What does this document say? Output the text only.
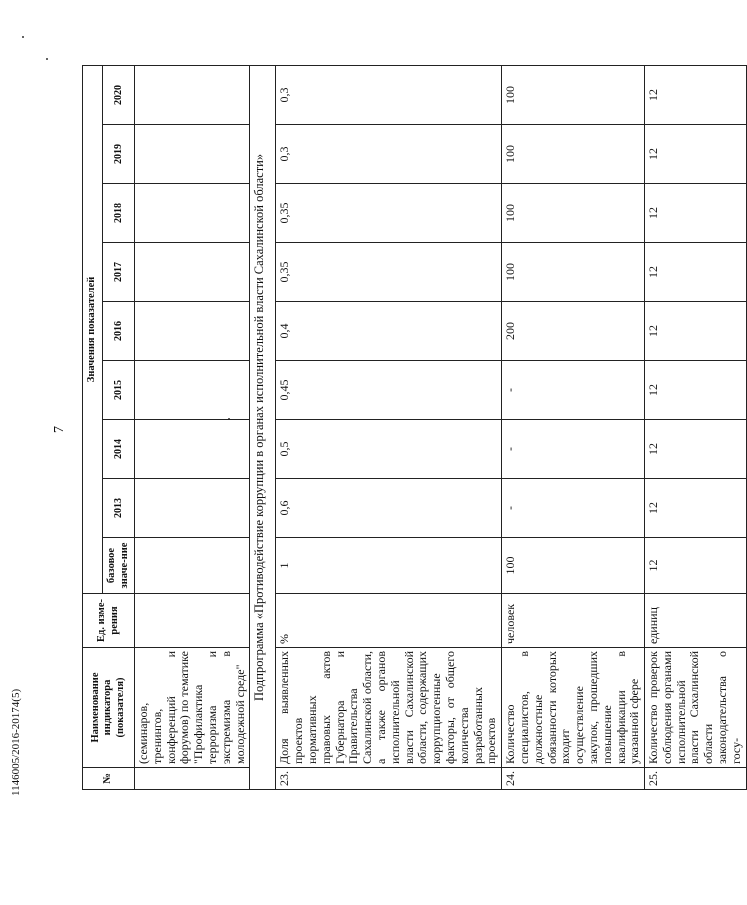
7
1146005/2016-20174(5)	№	Наименование индикатора (показателя)	Ед. изме-рения	Значения показателей								
			базовое значе-ние	2013	2014	2015	2016	2017	2018	2019	2020
	(семинаров, тренингов, конференций и форумов) по тематике "Профилактика терроризма и экстремизма в молодежной среде"										
Подпрограмма «Противодействие коррупции в органах исполнительной власти Сахалинской области»											
23.	Доля выявленных проектов нормативных правовых актов Губернатора и Правительства Сахалинской области, а также органов исполнительной власти Сахалинской области, содержащих коррупциогенные факторы, от общего количества разработанных проектов	%	1	0,6	0,5	0,45	0,4	0,35	0,35	0,3	0,3
24.	Количество специалистов, в должностные обязанности которых входит осуществление закупок, прошедших повышение квалификации в указанной сфере	человек	100	-	-	-	200	100	100	100	100
25.	Количество проверок соблюдения органами исполнительной власти Сахалинской области законодательства о госу-	единиц	12	12	12	12	12	12	12	12	12
